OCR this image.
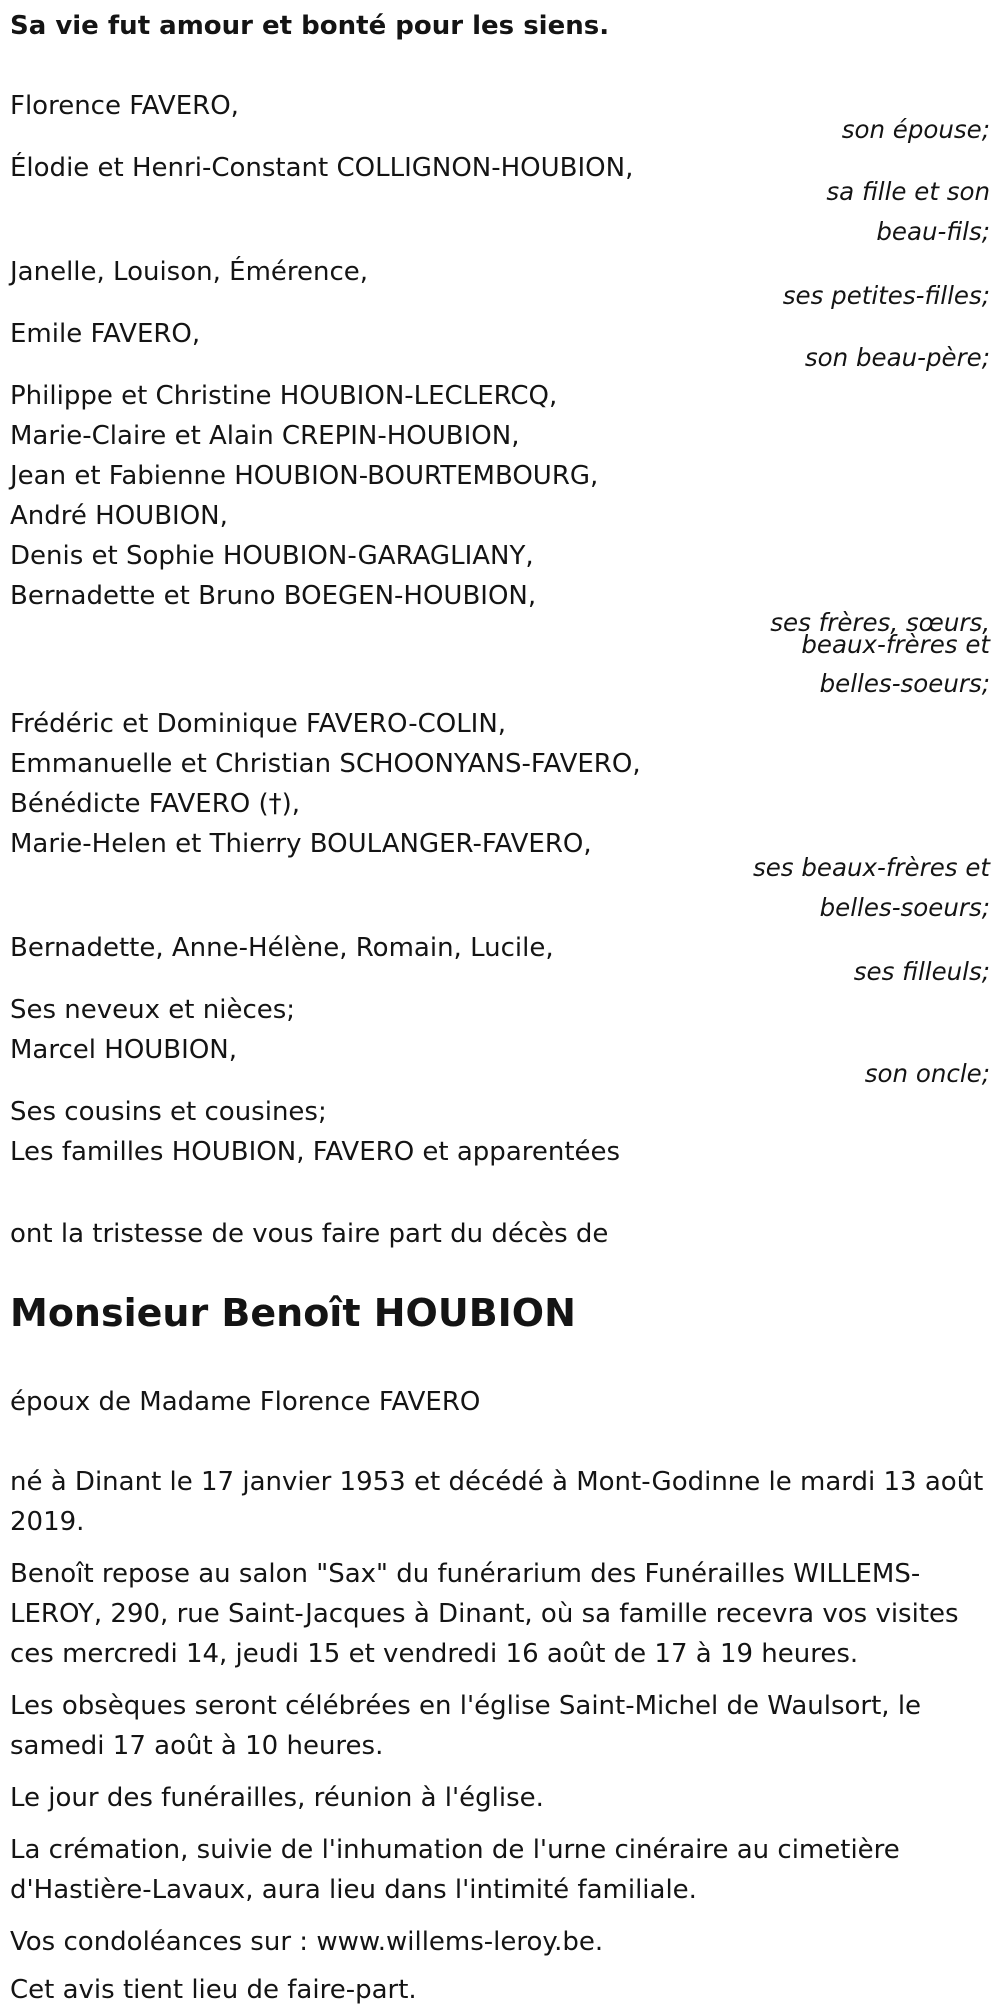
Sa vie fut amour et bonté pour les siens.
Florence FAVERO,
son épouse;
Élodie et Henri-Constant COLLIGNON-HOUBION,
sa fille et son
beau-fils;
Janelle, Louison, Émérence,
ses petites-filles;
Emile FAVERO,
son beau-père;
Philippe et Christine HOUBION-LECLERCQ,
Marie-Claire et Alain CREPIN-HOUBION,
Jean et Fabienne HOUBION-BOURTEMBOURG,
André HOUBION,
Denis et Sophie HOUBION-GARAGLIANY,
Bernadette et Bruno BOEGEN-HOUBION,
ses frères, sœurs,
beaux-frères et
belles-soeurs;
Frédéric et Dominique FAVERO-COLIN,
Emmanuelle et Christian SCHOONYANS-FAVERO,
Bénédicte FAVERO (†),
Marie-Helen et Thierry BOULANGER-FAVERO,
ses beaux-frères et
belles-soeurs;
Bernadette, Anne-Hélène, Romain, Lucile,
ses filleuls;
Ses neveux et nièces;
Marcel HOUBION,
son oncle;
Ses cousins et cousines;
Les familles HOUBION, FAVERO et apparentées
ont la tristesse de vous faire part du décès de
Monsieur Benoît HOUBION
époux de Madame Florence FAVERO
né à Dinant le 17 janvier 1953 et décédé à Mont-Godinne le mardi 13 août 2019.
Benoît repose au salon "Sax" du funérarium des Funérailles WILLEMS-LEROY, 290, rue Saint-Jacques à Dinant, où sa famille recevra vos visites ces mercredi 14, jeudi 15 et vendredi 16 août de 17 à 19 heures.
Les obsèques seront célébrées en l'église Saint-Michel de Waulsort, le samedi 17 août à 10 heures.
Le jour des funérailles, réunion à l'église.
La crémation, suivie de l'inhumation de l'urne cinéraire au cimetière d'Hastière-Lavaux, aura lieu dans l'intimité familiale.
Vos condoléances sur : www.willems-leroy.be.
Cet avis tient lieu de faire-part.
